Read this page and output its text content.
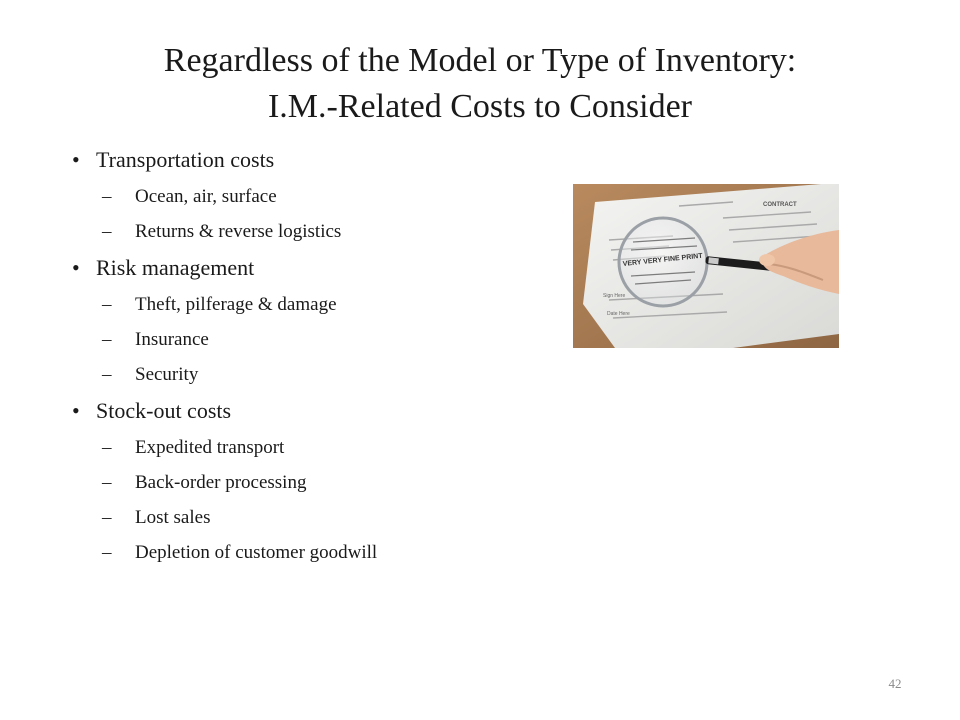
Regardless of the Model or Type of Inventory:
I.M.-Related Costs to Consider
• Transportation costs
– Ocean, air, surface
– Returns & reverse logistics
• Risk management
– Theft, pilferage & damage
– Insurance
– Security
• Stock-out costs
– Expedited transport
– Back-order processing
– Lost sales
– Depletion of customer goodwill
CONTRACT
Sign Here
Date Here
VERY VERY FINE PRINT
42
